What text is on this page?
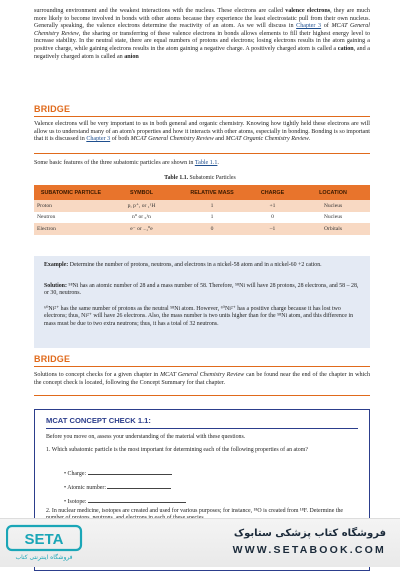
surrounding environment and the weakest interactions with the nucleus. These electrons are called valence electrons, they are much more likely to become involved in bonds with other atoms because they experience the least electrostatic pull from their own nucleus. Generally speaking, the valence electrons determine the reactivity of an atom. As we will discuss in Chapter 3 of MCAT General Chemistry Review, the sharing or transferring of these valence electrons in bonds allows elements to fill their highest energy level to increase stability. In the neutral state, there are equal numbers of protons and electrons; losing electrons results in the atom gaining a positive charge, while gaining electrons results in the atom gaining a negative charge. A positively charged atom is called a cation, and a negatively charged atom is called an anion
BRIDGE
Valence electrons will be very important to us in both general and organic chemistry. Knowing how tightly held these electrons are will allow us to understand many of an atom's properties and how it interacts with other atoms, especially in bonding. Bonding is so important that it is discussed in Chapter 3 of both MCAT General Chemistry Review and MCAT Organic Chemistry Review.
Some basic features of the three subatomic particles are shown in Table 1.1.
Table 1.1. Subatomic Particles
SUBATOMIC PARTICLE	SYMBOL	RELATIVE MASS	CHARGE	LOCATION
Proton	p, p⁺, or ₁¹H	1	+1	Nucleus
Neutron	n⁰ or ₀¹n	1	0	Nucleus
Electron	e⁻ or ₋₁⁰e	0	–1	Orbitals
Example: Determine the number of protons, neutrons, and electrons in a nickel-58 atom and in a nickel-60 +2 cation.
Solution: ⁵⁸Ni has an atomic number of 28 and a mass number of 58. Therefore, ⁵⁸Ni will have 28 protons, 28 electrons, and 58 – 28, or 30, neutrons.
⁶⁰Ni²⁺ has the same number of protons as the neutral ⁵⁸Ni atom. However, ⁶⁰Ni²⁺ has a positive charge because it has lost two electrons; thus, Ni²⁺ will have 26 electrons. Also, the mass number is two units higher than for the ⁵⁸Ni atom, and this difference in mass must be due to two extra neutrons; thus, it has a total of 32 neutrons.
BRIDGE
Solutions to concept checks for a given chapter in MCAT General Chemistry Review can be found near the end of the chapter in which the concept check is located, following the Concept Summary for that chapter.
MCAT CONCEPT CHECK 1.1:
Before you move on, assess your understanding of the material with these questions.
1. Which subatomic particle is the most important for determining each of the following properties of an atom?
• Charge:
• Atomic number:
• Isotope:
2. In nuclear medicine, isotopes are created and used for various purposes; for instance, ¹⁸O is created from ¹⁸F. Determine the
SETA
فروشگاه اینترنتی کتاب
فروشگاه کتاب پزشکی ستابوک
WWW.SETABOOK.COM
